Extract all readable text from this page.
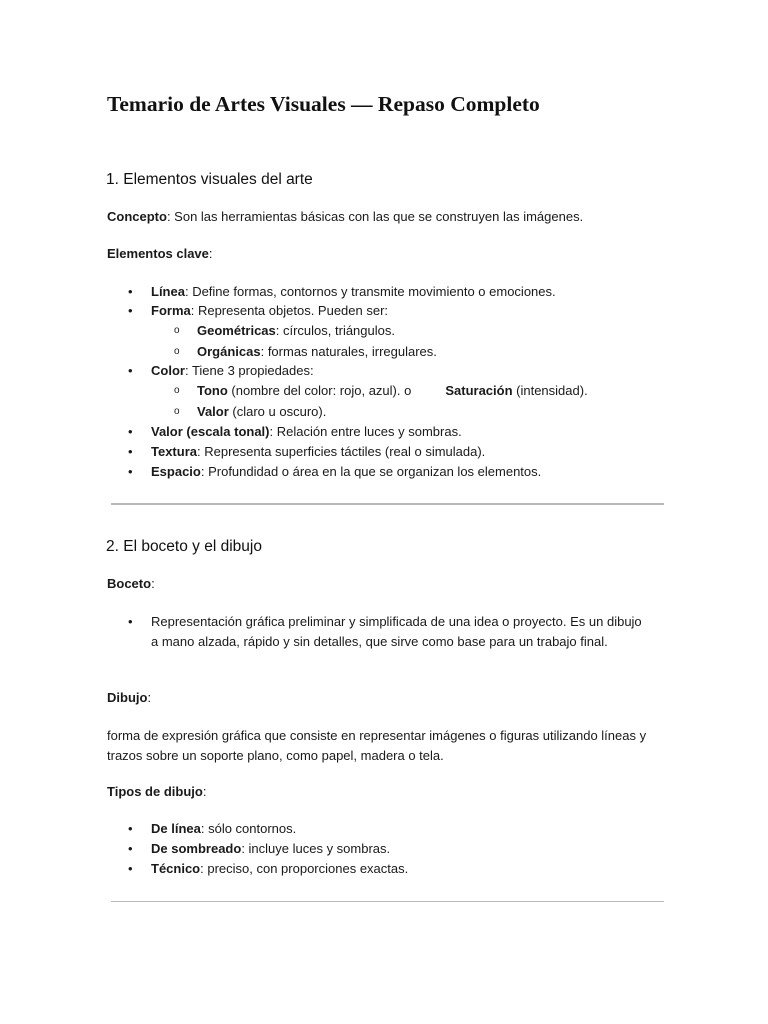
Temario de Artes Visuales — Repaso Completo
1. Elementos visuales del arte

Concepto: Son las herramientas básicas con las que se construyen las imágenes.

Elementos clave:

• Línea: Define formas, contornos y transmite movimiento o emociones.

• Forma: Representa objetos. Pueden ser:

o Geométricas: círculos, triángulos.

o Orgánicas: formas naturales, irregulares.

• Color: Tiene 3 propiedades:

o Tono (nombre del color: rojo, azul). o	Saturación (intensidad).

o Valor (claro u oscuro).

• Valor (escala tonal): Relación entre luces y sombras.

• Textura: Representa superficies táctiles (real o simulada).

• Espacio: Profundidad o área en la que se organizan los elementos.

2. El boceto y el dibujo

Boceto:

• Representación gráfica preliminar y simplificada de una idea o proyecto. Es un dibujo a mano alzada, rápido y sin detalles, que sirve como base para un trabajo final.

Dibujo:

forma de expresión gráfica que consiste en representar imágenes o figuras utilizando líneas y trazos sobre un soporte plano, como papel, madera o tela.

Tipos de dibujo:

• De línea: sólo contornos.

• De sombreado: incluye luces y sombras.

• Técnico: preciso, con proporciones exactas.
